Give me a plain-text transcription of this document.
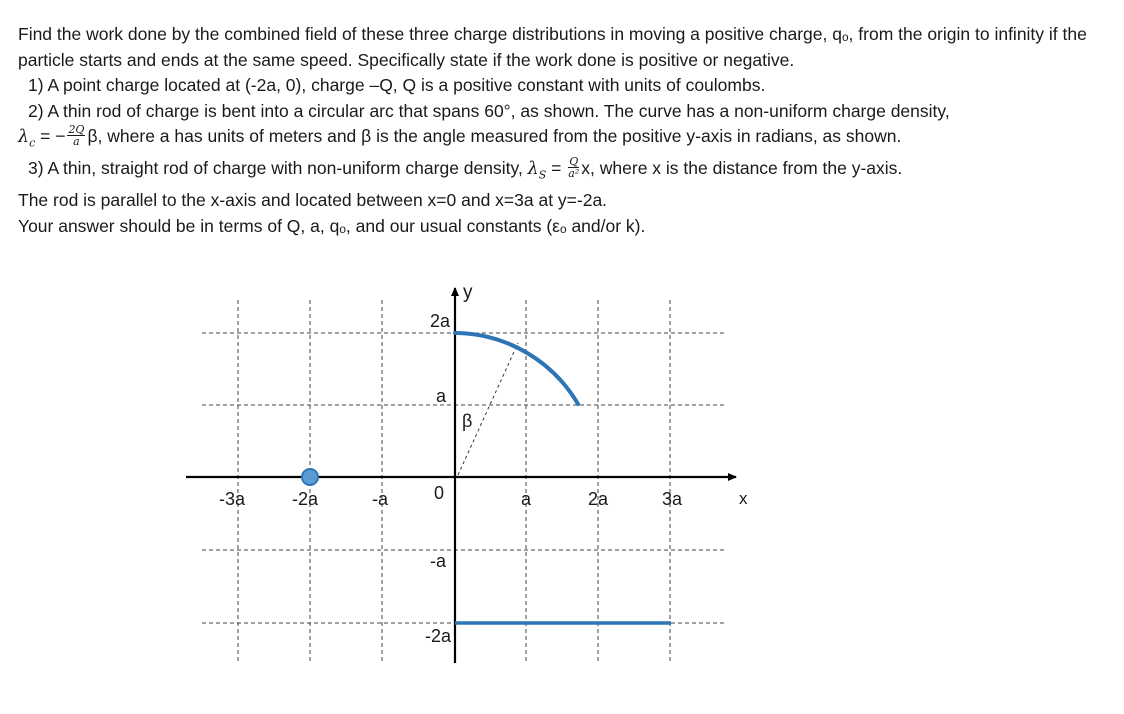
Find the work done by the combined field of these three charge distributions in moving a positive charge, qₒ, from the origin to infinity if the particle starts and ends at the same speed. Specifically state if the work done is positive or negative.

1) A point charge located at (-2a, 0), charge –Q, Q is a positive constant with units of coulombs.

2) A thin rod of charge is bent into a circular arc that spans 60°, as shown. The curve has a non-uniform charge density,

$\lambda_c$ = − $\frac{2Q}{a} \beta$, where a has units of meters and β is the angle measured from the positive y-axis in radians, as shown.

3) A thin, straight rod of charge with non-uniform charge density, $\lambda_S = \frac{Q}{\text{a²}} x$, where x is the distance from the y-axis.

The rod is parallel to the x-axis and located between x=0 and x=3a at y=-2a.

Your answer should be in terms of Q, a, qₒ, and our usual constants (εₒ and/or k).

y
x
-3a	-2a	-a	a	2a	3a
2a
a
-a
-2a
0
β
